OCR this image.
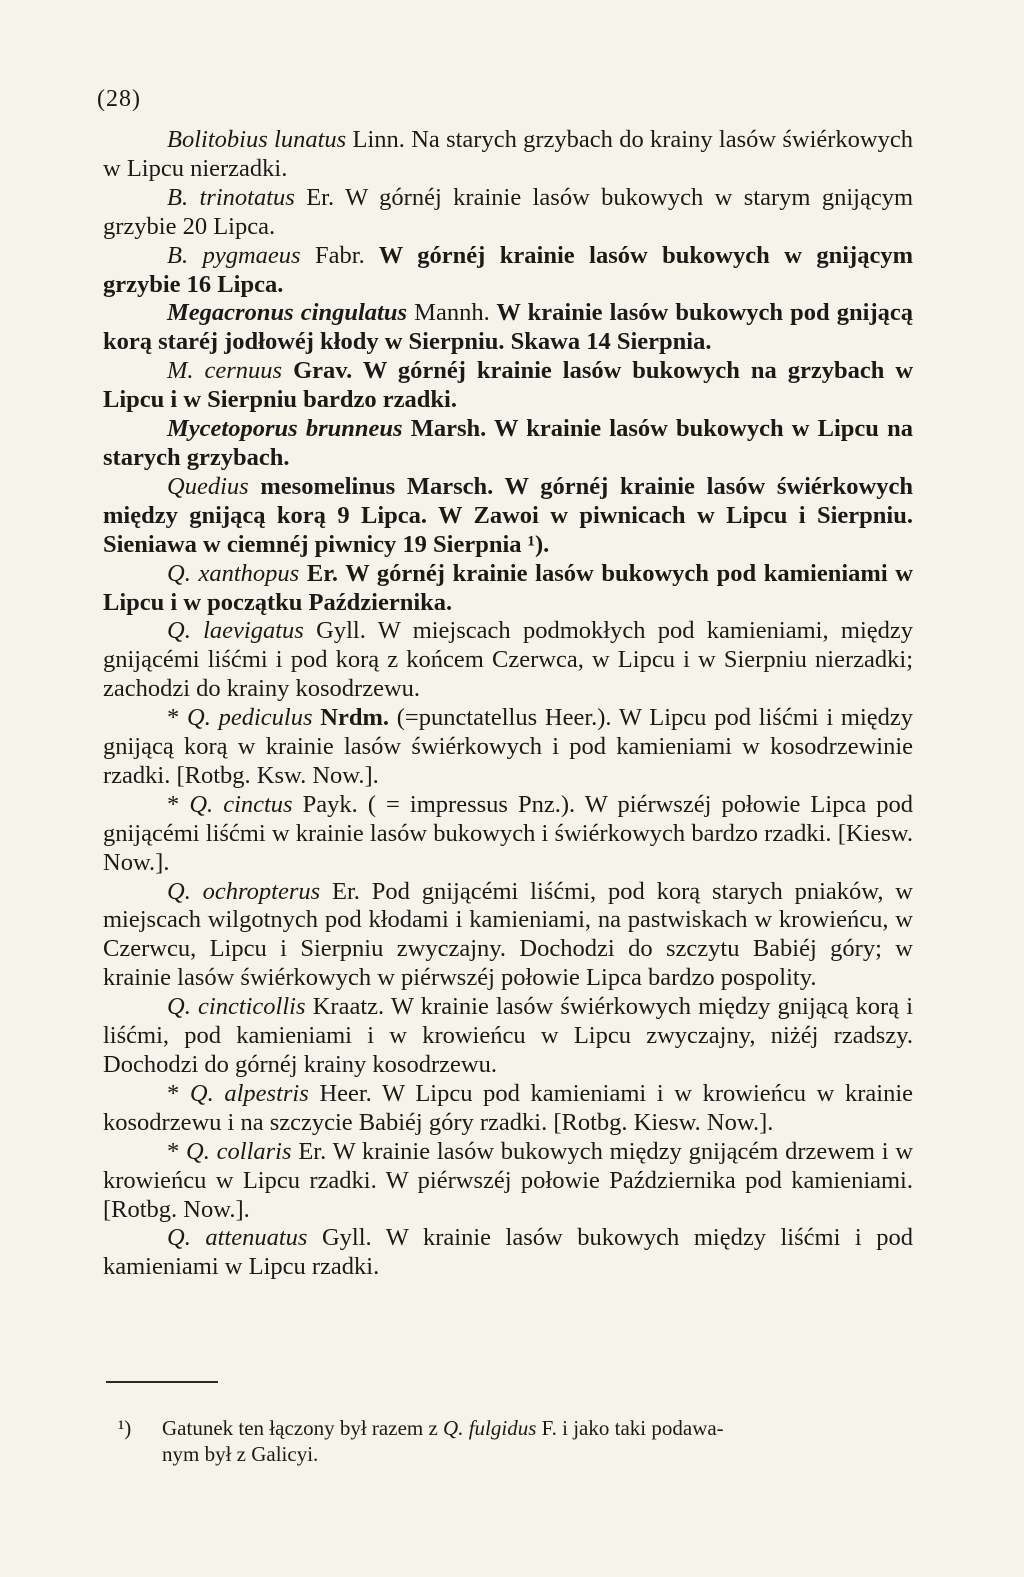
(28)

Bolitobius lunatus Linn. Na starych grzybach do krainy lasów świérkowych w Lipcu nierzadki.

B. trinotatus Er. W górnéj krainie lasów bukowych w starym gnijącym grzybie 20 Lipca.

B. pygmaeus Fabr. W górnéj krainie lasów bukowych w gnijącym grzybie 16 Lipca.

Megacronus cingulatus Mannh. W krainie lasów bukowych pod gnijącą korą staréj jodłowéj kłody w Sierpniu. Skawa 14 Sierpnia.

M. cernuus Grav. W górnéj krainie lasów bukowych na grzybach w Lipcu i w Sierpniu bardzo rzadki.

Mycetoporus brunneus Marsh. W krainie lasów bukowych w Lipcu na starych grzybach.

Quedius mesomelinus Marsch. W górnéj krainie lasów świérkowych między gnijącą korą 9 Lipca. W Zawoi w piwnicach w Lipcu i Sierpniu. Sieniawa w ciemnéj piwnicy 19 Sierpnia ¹).

Q. xanthopus Er. W górnéj krainie lasów bukowych pod kamieniami w Lipcu i w początku Października.

Q. laevigatus Gyll. W miejscach podmokłych pod kamieniami, między gnijącémi liśćmi i pod korą z końcem Czerwca, w Lipcu i w Sierpniu nierzadki; zachodzi do krainy kosodrzewu.

* Q. pediculus Nrdm. (=punctatellus Heer.). W Lipcu pod liśćmi i między gnijącą korą w krainie lasów świérkowych i pod kamieniami w kosodrzewinie rzadki. [Rotbg. Ksw. Now.].

* Q. cinctus Payk. ( = impressus Pnz.). W piérwszéj połowie Lipca pod gnijącémi liśćmi w krainie lasów bukowych i świérkowych bardzo rzadki. [Kiesw. Now.].

Q. ochropterus Er. Pod gnijącémi liśćmi, pod korą starych pniaków, w miejscach wilgotnych pod kłodami i kamieniami, na pastwiskach w krowieńcu, w Czerwcu, Lipcu i Sierpniu zwyczajny. Dochodzi do szczytu Babiéj góry; w krainie lasów świérkowych w piérwszéj połowie Lipca bardzo pospolity.

Q. cincticollis Kraatz. W krainie lasów świérkowych między gnijącą korą i liśćmi, pod kamieniami i w krowieńcu w Lipcu zwyczajny, niżéj rzadszy. Dochodzi do górnéj krainy kosodrzewu.

* Q. alpestris Heer. W Lipcu pod kamieniami i w krowieńcu w krainie kosodrzewu i na szczycie Babiéj góry rzadki. [Rotbg. Kiesw. Now.].

* Q. collaris Er. W krainie lasów bukowych między gnijącém drzewem i w krowieńcu w Lipcu rzadki. W piérwszéj połowie Października pod kamieniami. [Rotbg. Now.].

Q. attenuatus Gyll. W krainie lasów bukowych między liśćmi i pod kamieniami w Lipcu rzadki.

¹) Gatunek ten łączony był razem z Q. fulgidus F. i jako taki podawa-
nym był z Galicyi.
